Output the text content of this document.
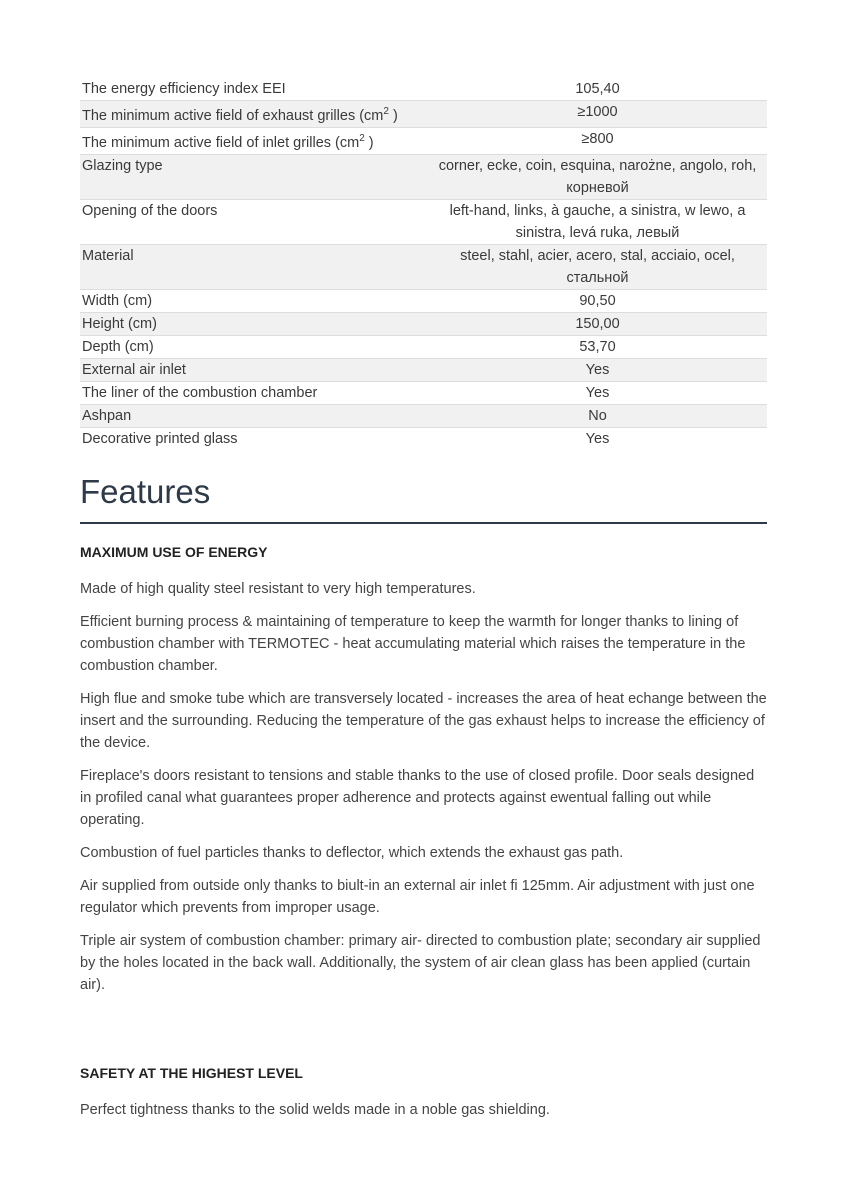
The energy efficiency index EEI	105,40
The minimum active field of exhaust grilles ($cm^2$ )	≥1000
The minimum active field of inlet grilles ($cm^2$ )	≥800
Glazing type	corner, ecke, coin, esquina, narożne, angolo, roh, корневой
Opening of the doors	left-hand, links, à gauche, a sinistra, w lewo, a sinistra, levá ruka, левый
Material	steel, stahl, acier, acero, stal, acciaio, ocel, стальной
Width (cm)	90,50
Height (cm)	150,00
Depth (cm)	53,70
External air inlet	Yes
The liner of the combustion chamber	Yes
Ashpan	No
Decorative printed glass	Yes
Features
MAXIMUM USE OF ENERGY

Made of high quality steel resistant to very high temperatures.

Efficient burning process & maintaining of temperature to keep the warmth for longer thanks to lining of combustion chamber with TERMOTEC - heat accumulating material which raises the temperature in the combustion chamber.

High flue and smoke tube which are transversely located - increases the area of heat echange between the insert and the surrounding. Reducing the temperature of the gas exhaust helps to increase the efficiency of the device.

Fireplace's doors resistant to tensions and stable thanks to the use of closed profile. Door seals designed in profiled canal what guarantees proper adherence and protects against ewentual falling out while operating.

Combustion of fuel particles thanks to deflector, which extends the exhaust gas path.

Air supplied from outside only thanks to biult-in an external air inlet fi 125mm. Air adjustment with just one regulator which prevents from improper usage.

Triple air system of combustion chamber: primary air- directed to combustion plate; secondary air supplied by the holes located in the back wall. Additionally, the system of air clean glass has been applied (curtain air).

SAFETY AT THE HIGHEST LEVEL

Perfect tightness thanks to the solid welds made in a noble gas shielding.
